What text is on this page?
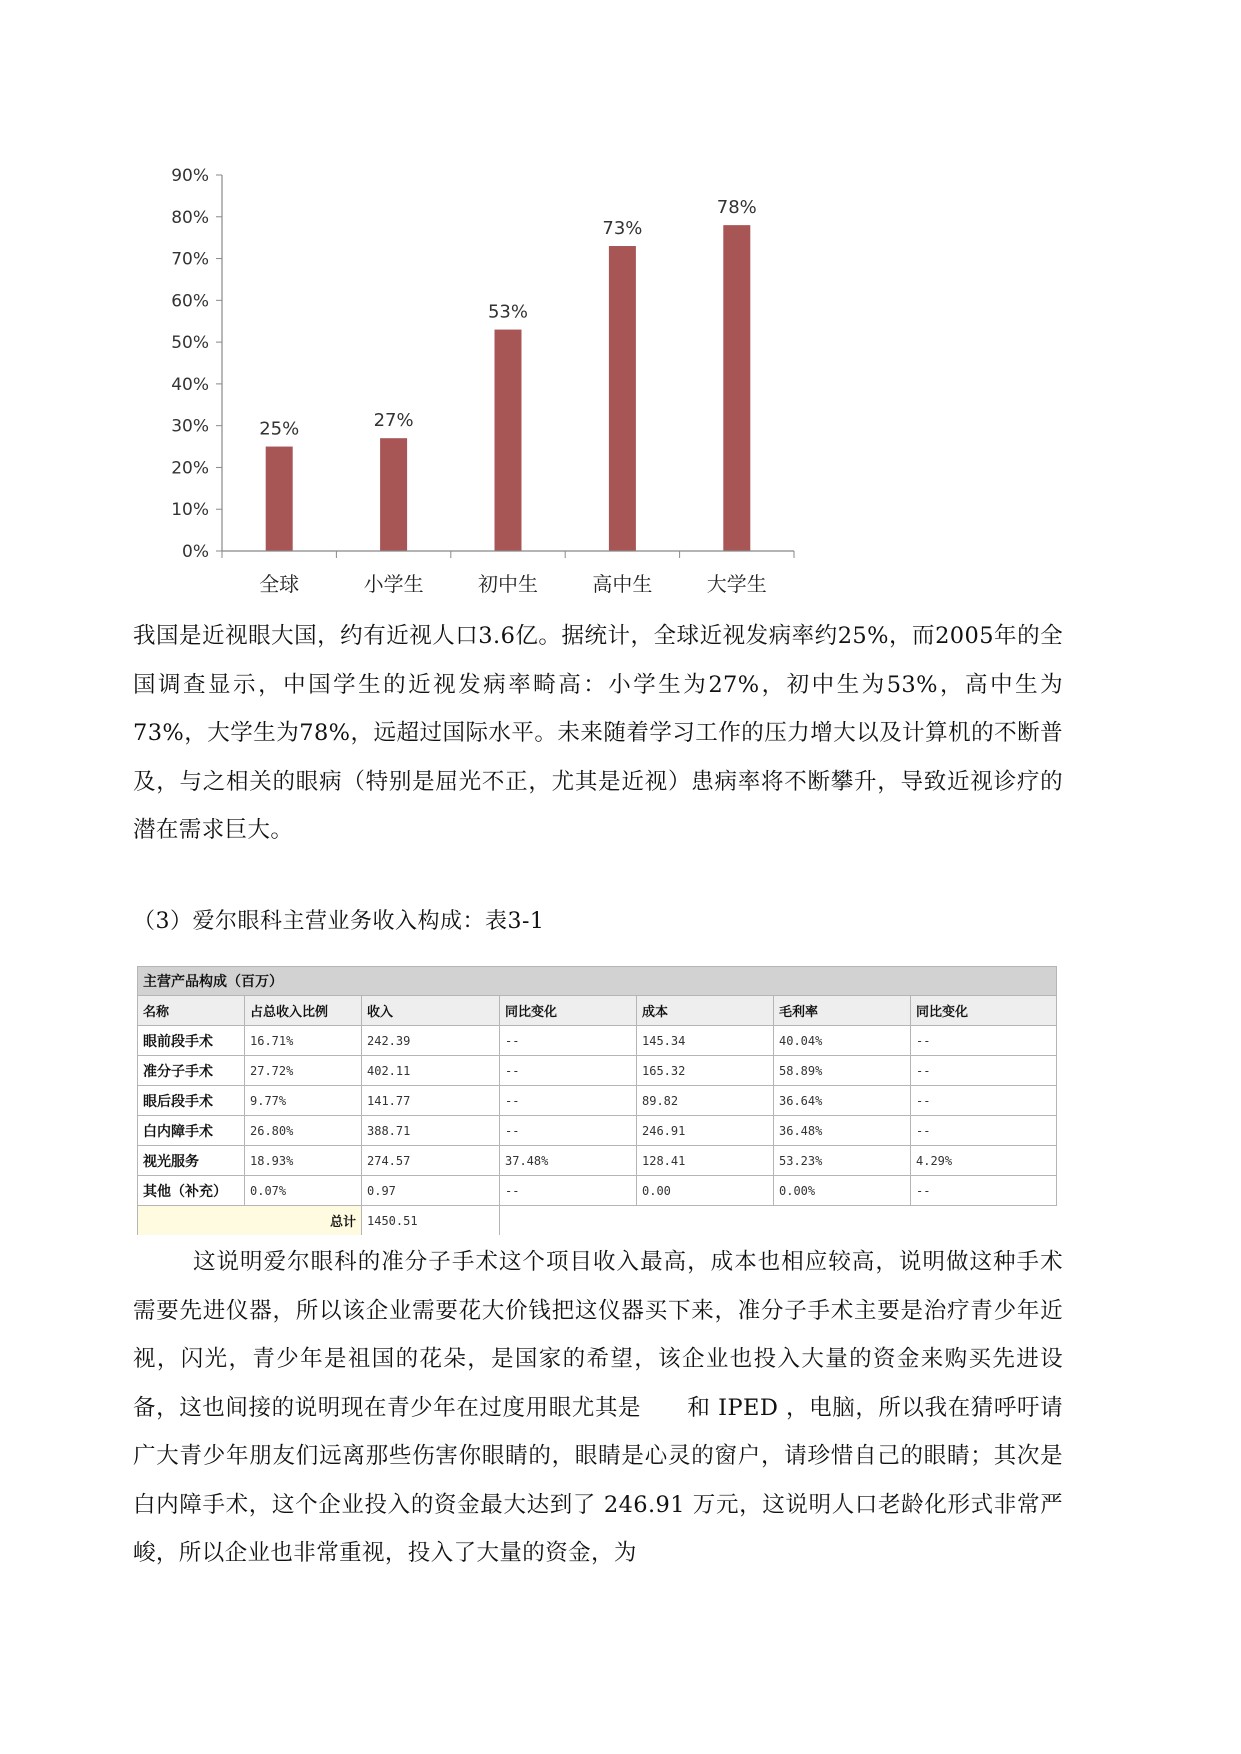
0%
10%
20%
30%
40%
50%
60%
70%
80%
90%
25%	27%
53%
73%
78%
全球	小学生	初中生	高中生	大学生

我国是近视眼大国，约有近视人口3.6亿。据统计，全球近视发病率约25%，而2005年的全国调查显示，中国学生的近视发病率畸高：小学生为27%，初中生为53%，高中生为73%，大学生为78%，远超过国际水平。未来随着学习工作的压力增大以及计算机的不断普及，与之相关的眼病（特别是屈光不正，尤其是近视）患病率将不断攀升，导致近视诊疗的潜在需求巨大。

（3）爱尔眼科主营业务收入构成：表3-1

主营产品构成（百万）						
名称	占总收入比例	收入	同比变化	成本	毛利率	同比变化
眼前段手术	16.71%	242.39	--	145.34	40.04%	--
准分子手术	27.72%	402.11	--	165.32	58.89%	--
眼后段手术	9.77%	141.77	--	89.82	36.64%	--
白内障手术	26.80%	388.71	--	246.91	36.48%	--
视光服务	18.93%	274.57	37.48%	128.41	53.23%	4.29%
其他（补充）	0.07%	0.97	--	0.00	0.00%	--
总计		1450.51				

这说明爱尔眼科的准分子手术这个项目收入最高，成本也相应较高，说明做这种手术需要先进仪器，所以该企业需要花大价钱把这仪器买下来，准分子手术主要是治疗青少年近视，闪光，青少年是祖国的花朵，是国家的希望，该企业也投入大量的资金来购买先进设备，这也间接的说明现在青少年在过度用眼尤其是　　和 IPED ，电脑，所以我在猜呼吁请广大青少年朋友们远离那些伤害你眼睛的，眼睛是心灵的窗户，请珍惜自己的眼睛；其次是白内障手术，这个企业投入的资金最大达到了 246.91 万元，这说明人口老龄化形式非常严峻，所以企业也非常重视，投入了大量的资金，为
